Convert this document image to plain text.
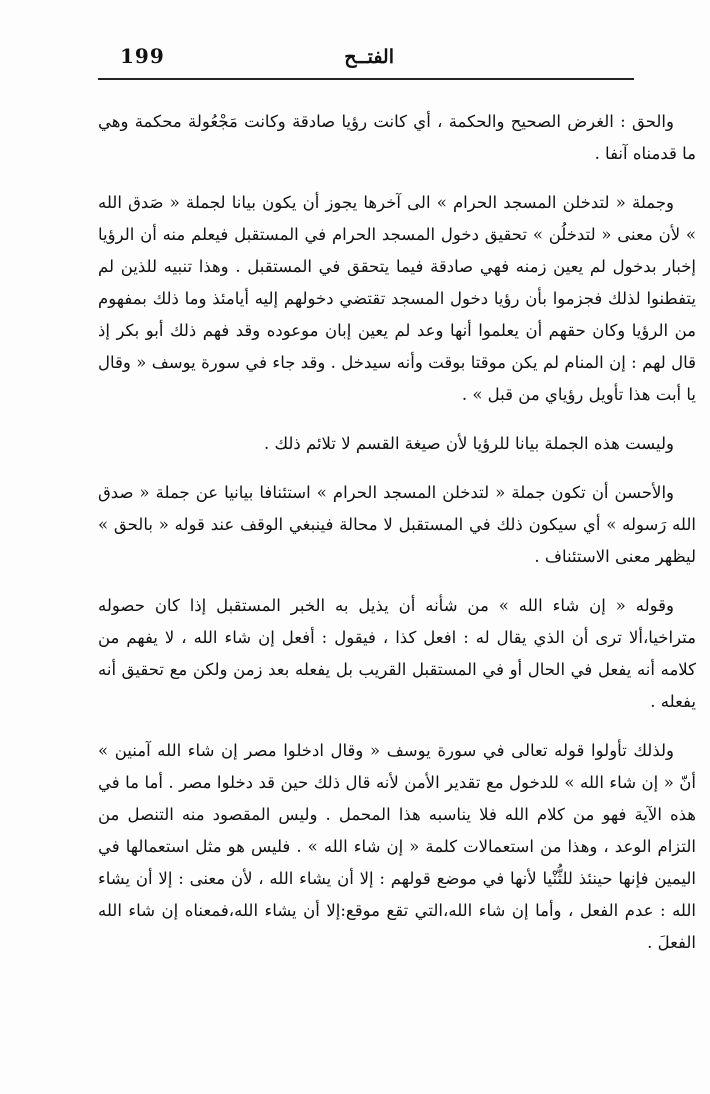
199	الفتــح

والحق : الغرض الصحيح والحكمة ، أي كانت رؤيا صادقة وكانت مَجْعُولة محكمة وهي ما قدمناه آنفا .

وجملة « لتدخلن المسجد الحرام » الى آخرها يجوز أن يكون بيانا لجملة « صَدق الله » لأن معنى « لتدخلُن » تحقيق دخول المسجد الحرام في المستقبل فيعلم منه أن الرؤيا إخبار بدخول لم يعين زمنه فهي صادقة فيما يتحقق في المستقبل . وهذا تنبيه للذين لم يتفطنوا لذلك فجزموا بأن رؤيا دخول المسجد تقتضي دخولهم إليه أيامئذ وما ذلك بمفهوم من الرؤيا وكان حقهم أن يعلموا أنها وعد لم يعين إبان موعوده وقد فهم ذلك أبو بكر إذ قال لهم : إن المنام لم يكن موقتا بوقت وأنه سيدخل . وقد جاء في سورة يوسف « وقال يا أبت هذا تأويل رؤياي من قبل » .

وليست هذه الجملة بيانا للرؤيا لأن صيغة القسم لا تلائم ذلك .

والأحسن أن تكون جملة « لتدخلن المسجد الحرام » استئنافا بيانيا عن جملة « صدق الله رَسوله » أي سيكون ذلك في المستقبل لا محالة فينبغي الوقف عند قوله « بالحق » ليظهر معنى الاستئناف .

وقوله « إن شاء الله » من شأنه أن يذيل به الخبر المستقبل إذا كان حصوله متراخيا،ألا ترى أن الذي يقال له : افعل كذا ، فيقول : أفعل إن شاء الله ، لا يفهم من كلامه أنه يفعل في الحال أو في المستقبل القريب بل يفعله بعد زمن ولكن مع تحقيق أنه يفعله .

ولذلك تأولوا قوله تعالى في سورة يوسف « وقال ادخلوا مصر إن شاء الله آمنين » أنّ « إن شاء الله » للدخول مع تقدير الأمن لأنه قال ذلك حين قد دخلوا مصر . أما ما في هذه الآية فهو من كلام الله فلا يناسبه هذا المحمل . وليس المقصود منه التنصل من التزام الوعد ، وهذا من استعمالات كلمة « إن شاء الله » . فليس هو مثل استعمالها في اليمين فإنها حينئذ للثُّنْيا لأنها في موضع قولهم : إلا أن يشاء الله ، لأن معنى : إلا أن يشاء الله : عدم الفعل ، وأما إن شاء الله،التي تقع موقع:إلا أن يشاء الله،فمعناه إن شاء الله الفعلَ .
